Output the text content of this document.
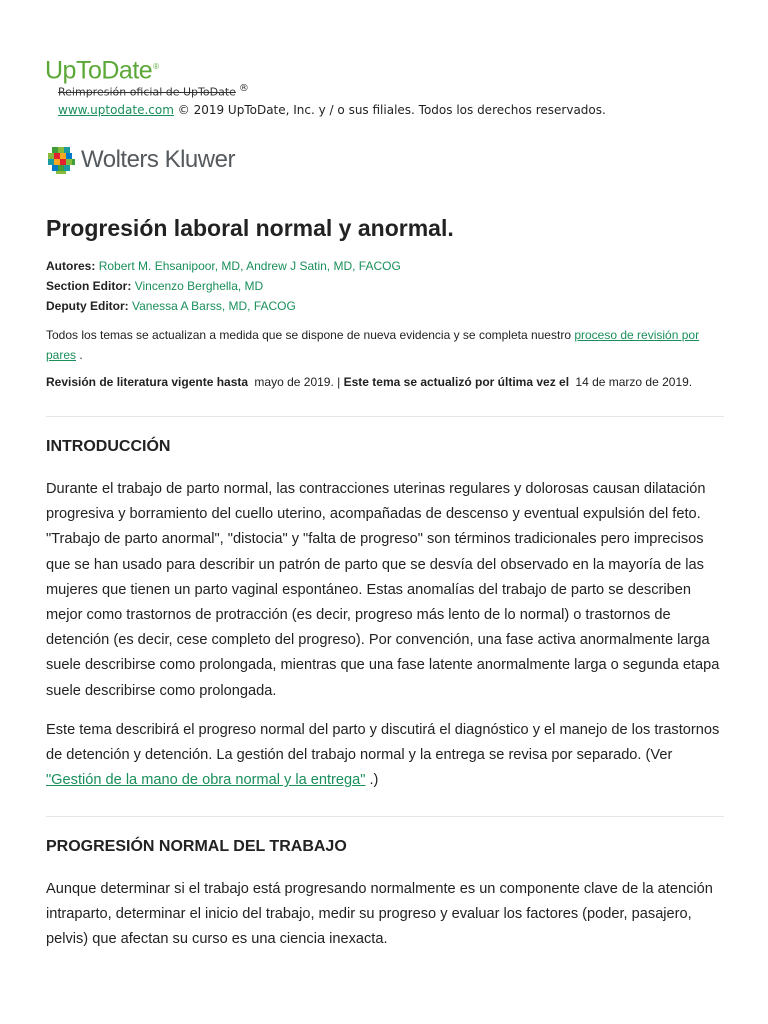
UpToDate®
Reimpresión oficial de UpToDate ®
www.uptodate.com © 2019 UpToDate, Inc. y / o sus filiales. Todos los derechos reservados.
Wolters Kluwer
Progresión laboral normal y anormal.
Autores: Robert M. Ehsanipoor, MD, Andrew J Satin, MD, FACOG
Section Editor: Vincenzo Berghella, MD
Deputy Editor: Vanessa A Barss, MD, FACOG
Todos los temas se actualizan a medida que se dispone de nueva evidencia y se completa nuestro proceso de revisión por pares .
Revisión de literatura vigente hasta mayo de 2019. | Este tema se actualizó por última vez el 14 de marzo de 2019.
INTRODUCCIÓN

Durante el trabajo de parto normal, las contracciones uterinas regulares y dolorosas causan dilatación progresiva y borramiento del cuello uterino, acompañadas de descenso y eventual expulsión del feto. "Trabajo de parto anormal", "distocia" y "falta de progreso" son términos tradicionales pero imprecisos que se han usado para describir un patrón de parto que se desvía del observado en la mayoría de las mujeres que tienen un parto vaginal espontáneo. Estas anomalías del trabajo de parto se describen mejor como trastornos de protracción (es decir, progreso más lento de lo normal) o trastornos de detención (es decir, cese completo del progreso). Por convención, una fase activa anormalmente larga suele describirse como prolongada, mientras que una fase latente anormalmente larga o segunda etapa suele describirse como prolongada.

Este tema describirá el progreso normal del parto y discutirá el diagnóstico y el manejo de los trastornos de detención y detención. La gestión del trabajo normal y la entrega se revisa por separado. (Ver "Gestión de la mano de obra normal y la entrega" .)

PROGRESIÓN NORMAL DEL TRABAJO

Aunque determinar si el trabajo está progresando normalmente es un componente clave de la atención intraparto, determinar el inicio del trabajo, medir su progreso y evaluar los factores (poder, pasajero, pelvis) que afectan su curso es una ciencia inexacta.
